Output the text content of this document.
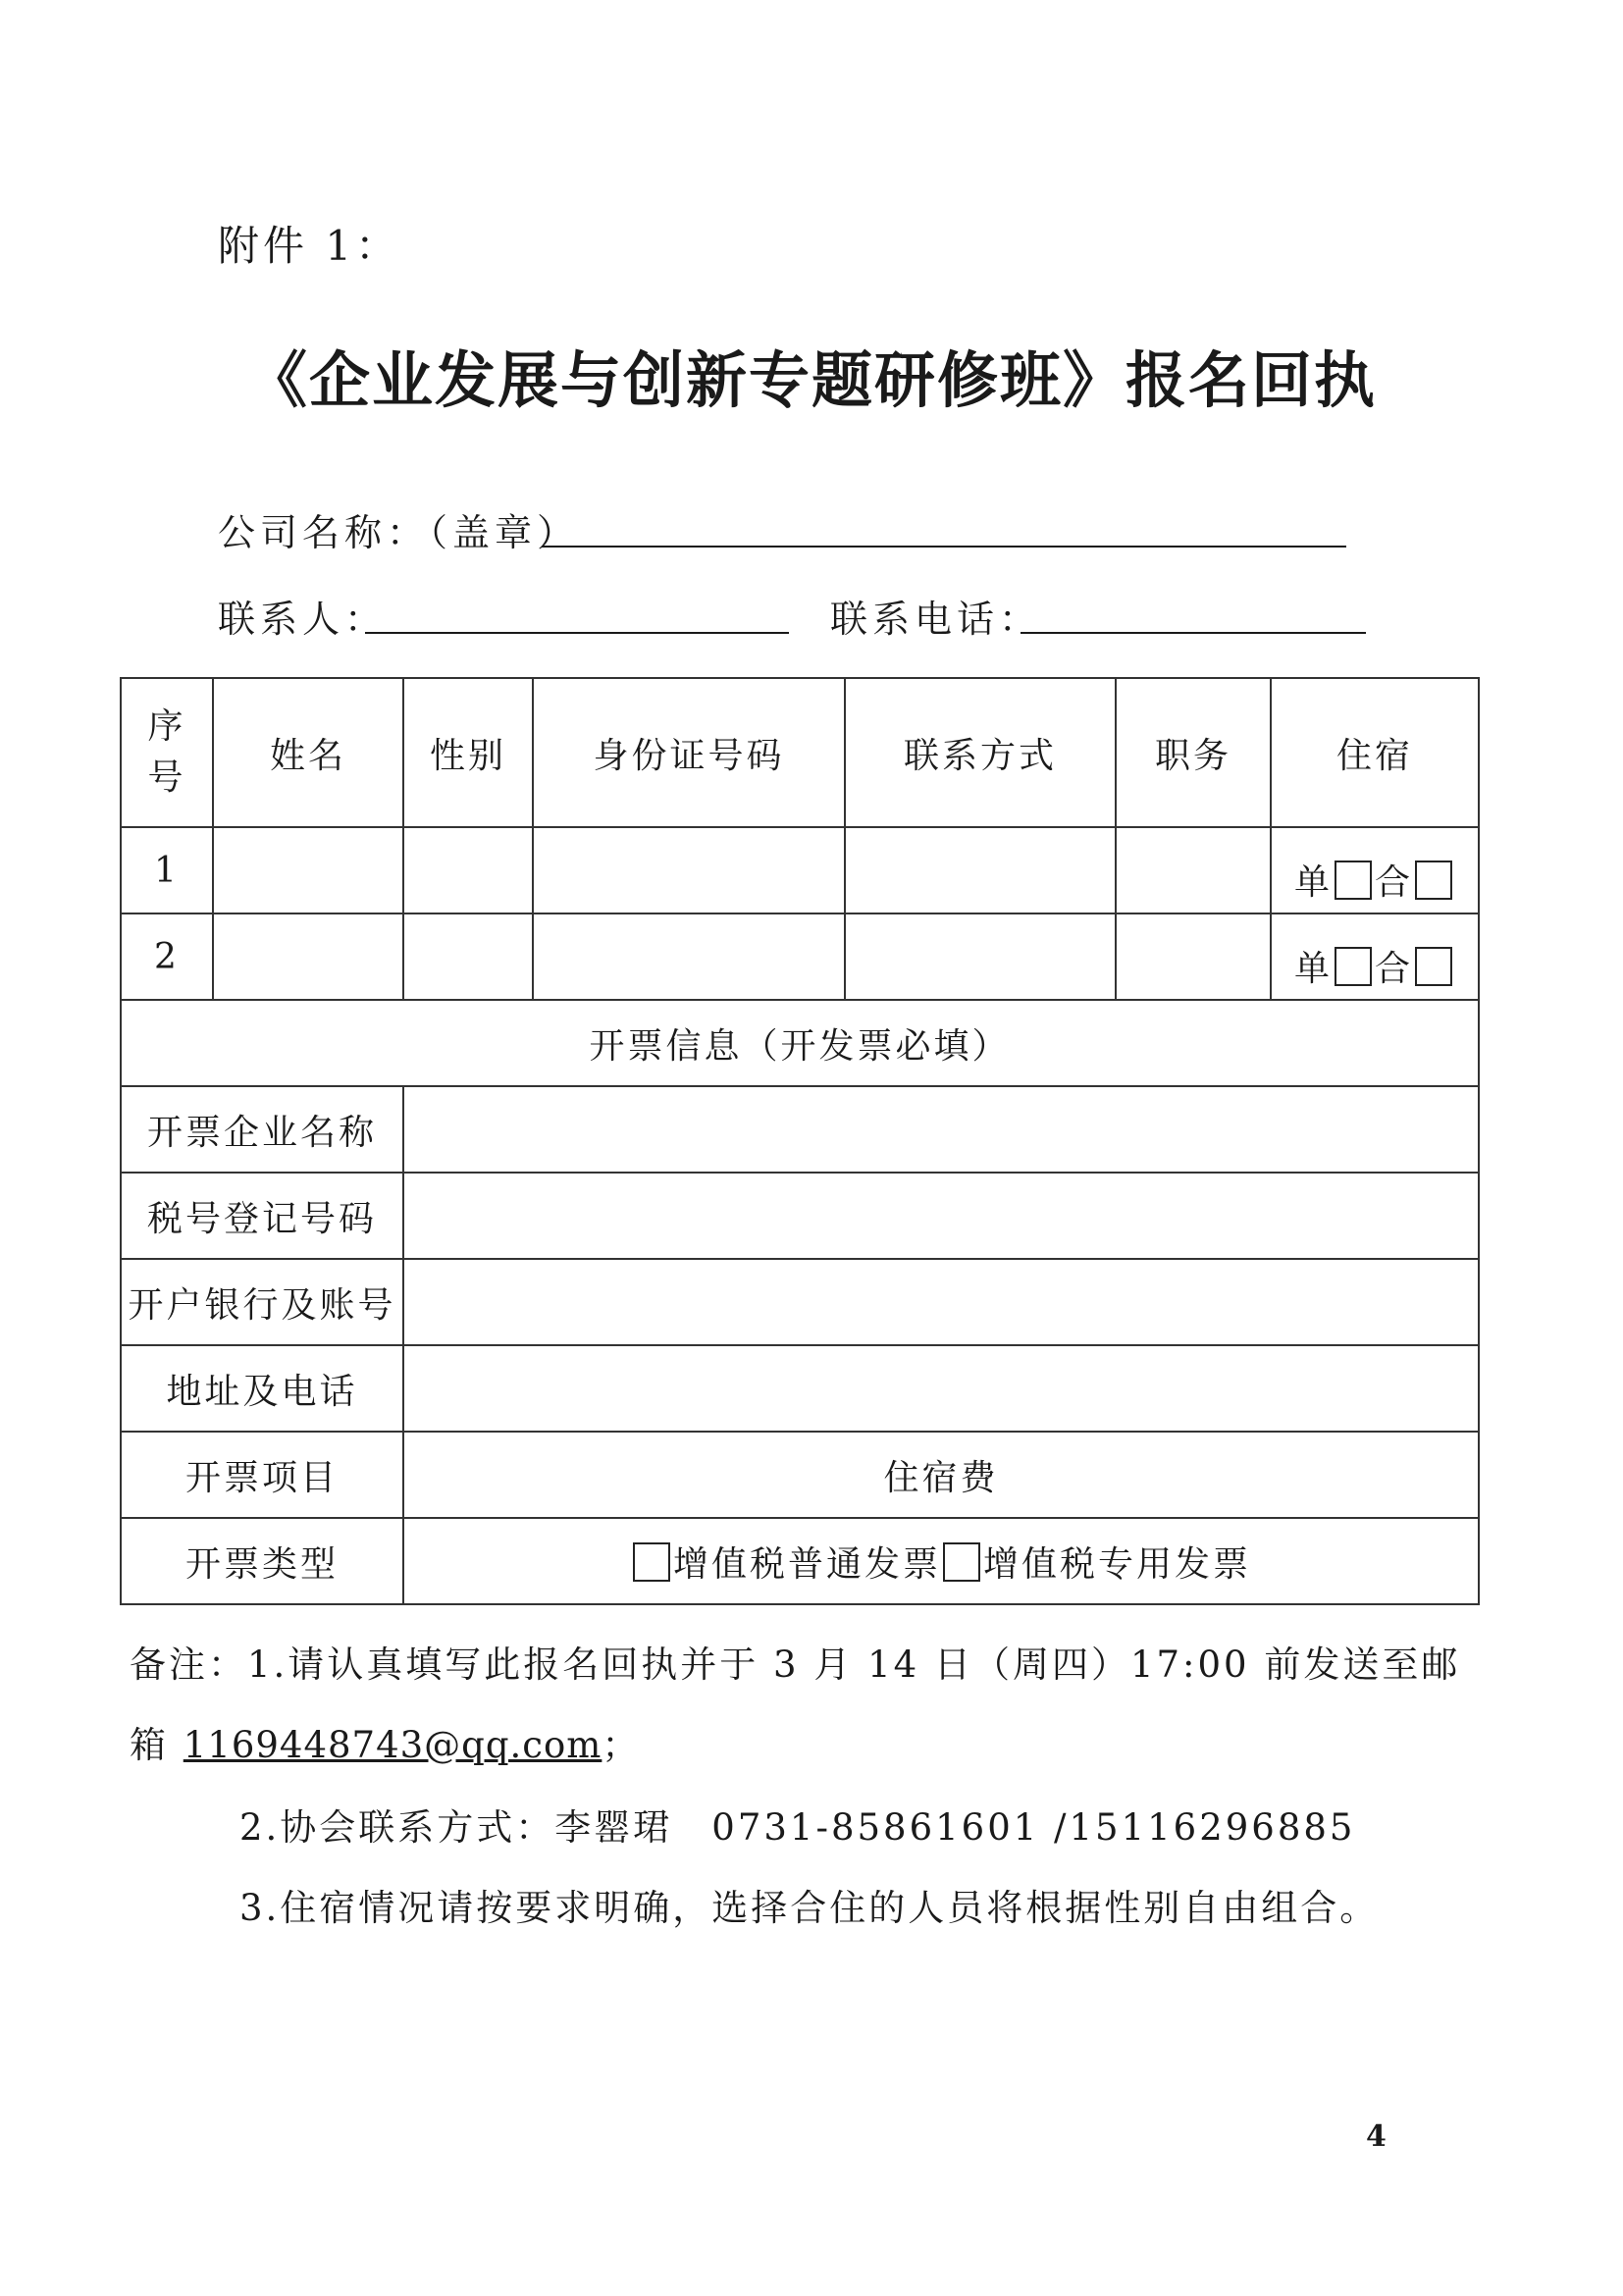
附件 1：
《企业发展与创新专题研修班》报名回执
公司名称：（盖章）
联系人：	联系电话：
序
号	姓名	性别	身份证号码	联系方式	职务	住宿
1						单 合
2						单 合
开票信息（开发票必填）						
开票企业名称						
税号登记号码						
开户银行及账号						
地址及电话						
开票项目		住宿费				
开票类型		增值税普通发票 增值税专用发票				
备注：1.请认真填写此报名回执并于 3 月 14 日（周四）17:00 前发送至邮
箱 1169448743@qq.com；
2.协会联系方式：李罂珺　0731-85861601 /15116296885
3.住宿情况请按要求明确，选择合住的人员将根据性别自由组合。
4
